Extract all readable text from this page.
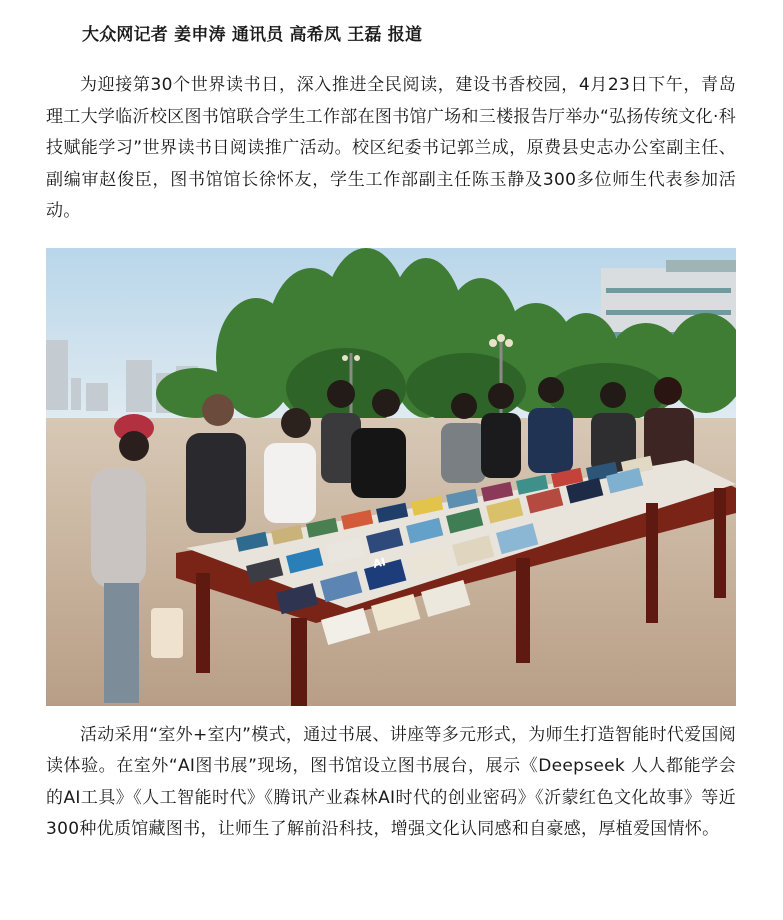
大众网记者 姜申涛 通讯员 高希凤 王磊 报道

为迎接第30个世界读书日，深入推进全民阅读，建设书香校园，4月23日下午，青岛理工大学临沂校区图书馆联合学生工作部在图书馆广场和三楼报告厅举办“弘扬传统文化·科技赋能学习”世界读书日阅读推广活动。校区纪委书记郭兰成，原费县史志办公室副主任、副编审赵俊臣，图书馆馆长徐怀友，学生工作部副主任陈玉静及300多位师生代表参加活动。

AI

活动采用“室外+室内”模式，通过书展、讲座等多元形式，为师生打造智能时代爱国阅读体验。在室外“AI图书展”现场，图书馆设立图书展台，展示《Deepseek 人人都能学会的AI工具》《人工智能时代》《腾讯产业森林AI时代的创业密码》《沂蒙红色文化故事》等近300种优质馆藏图书，让师生了解前沿科技，增强文化认同感和自豪感，厚植爱国情怀。
